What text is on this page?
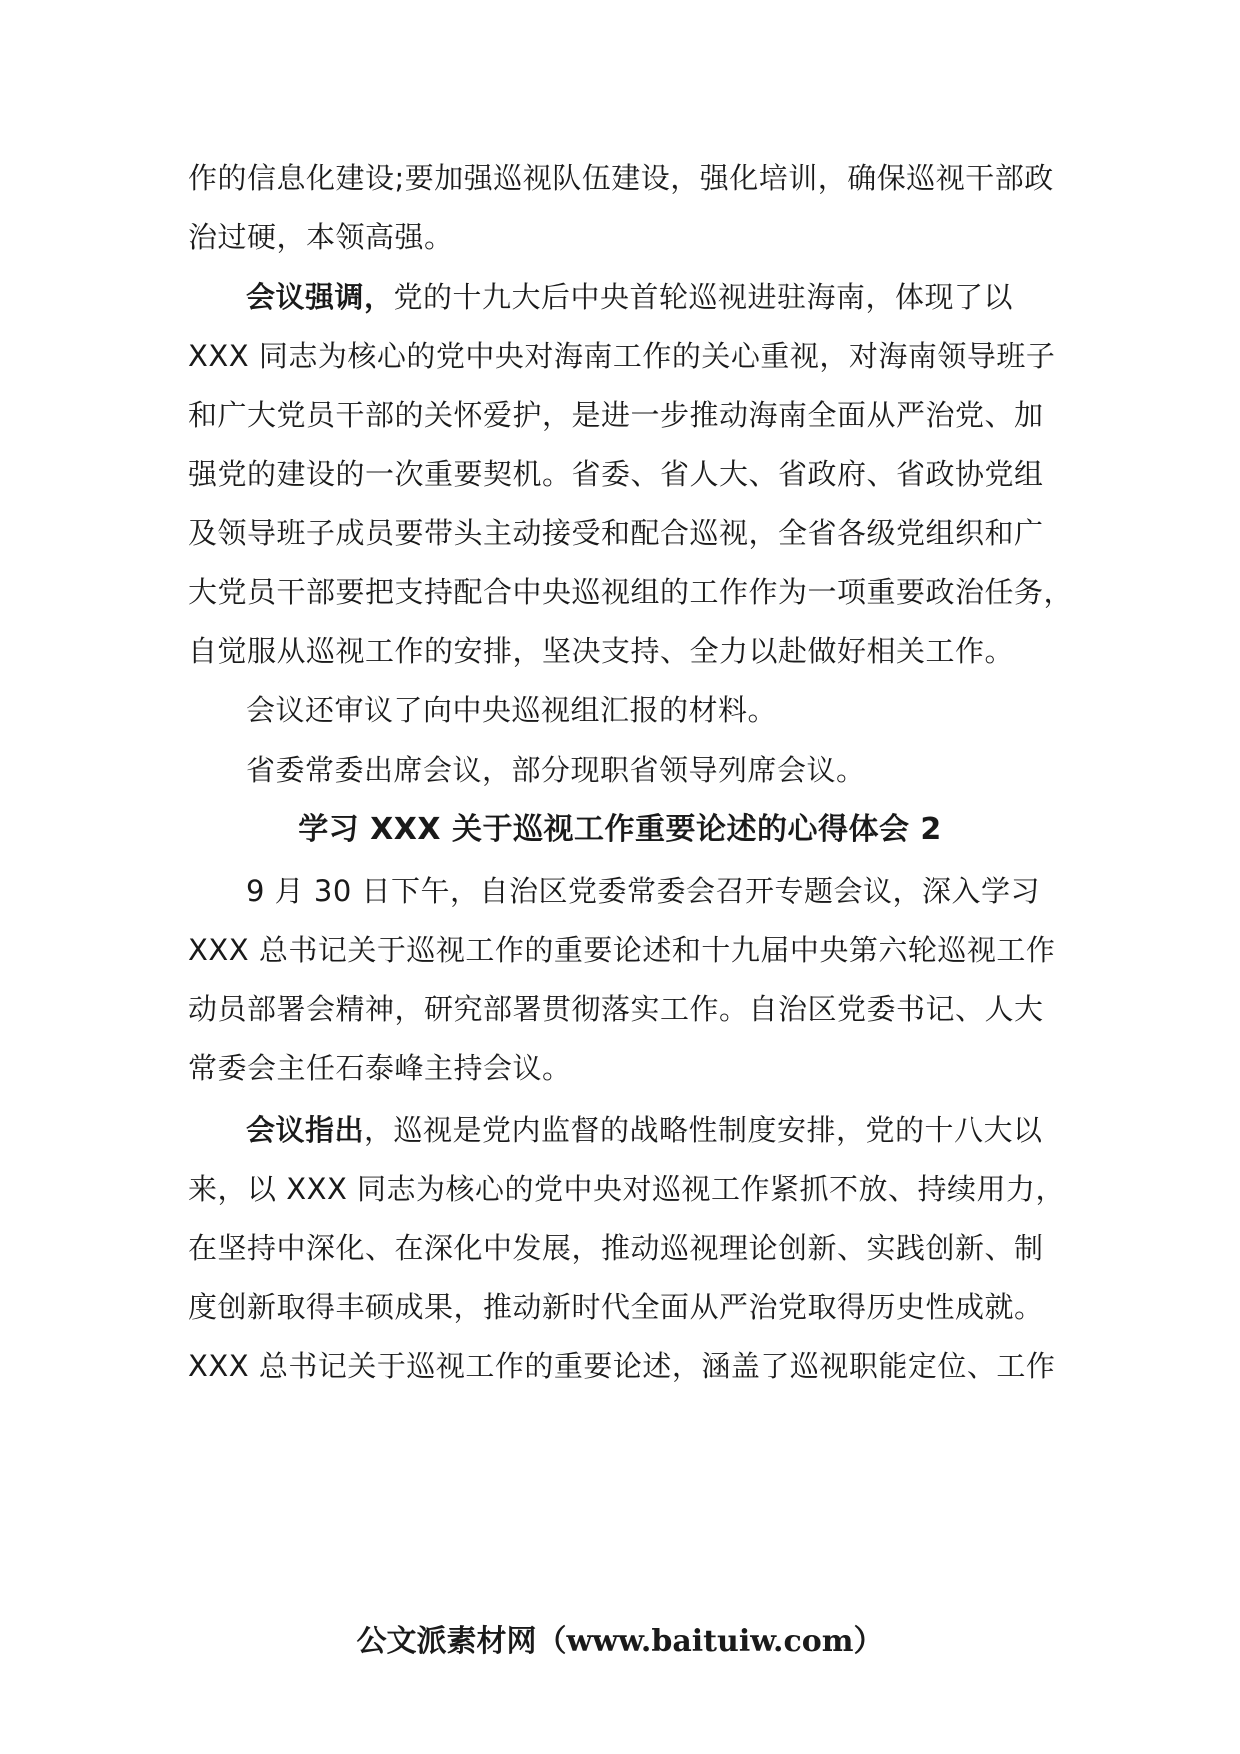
作的信息化建设;要加强巡视队伍建设，强化培训，确保巡视干部政
治过硬，本领高强。
会议强调，党的十九大后中央首轮巡视进驻海南，体现了以
XXX 同志为核心的党中央对海南工作的关心重视，对海南领导班子
和广大党员干部的关怀爱护，是进一步推动海南全面从严治党、加
强党的建设的一次重要契机。省委、省人大、省政府、省政协党组
及领导班子成员要带头主动接受和配合巡视，全省各级党组织和广
大党员干部要把支持配合中央巡视组的工作作为一项重要政治任务，
自觉服从巡视工作的安排，坚决支持、全力以赴做好相关工作。
会议还审议了向中央巡视组汇报的材料。
省委常委出席会议，部分现职省领导列席会议。
学习 XXX 关于巡视工作重要论述的心得体会 2
9 月 30 日下午，自治区党委常委会召开专题会议，深入学习
XXX 总书记关于巡视工作的重要论述和十九届中央第六轮巡视工作
动员部署会精神，研究部署贯彻落实工作。自治区党委书记、人大
常委会主任石泰峰主持会议。
会议指出，巡视是党内监督的战略性制度安排，党的十八大以
来，以 XXX 同志为核心的党中央对巡视工作紧抓不放、持续用力，
在坚持中深化、在深化中发展，推动巡视理论创新、实践创新、制
度创新取得丰硕成果，推动新时代全面从严治党取得历史性成就。
XXX 总书记关于巡视工作的重要论述，涵盖了巡视职能定位、工作
公文派素材网（www.baituiw.com）
